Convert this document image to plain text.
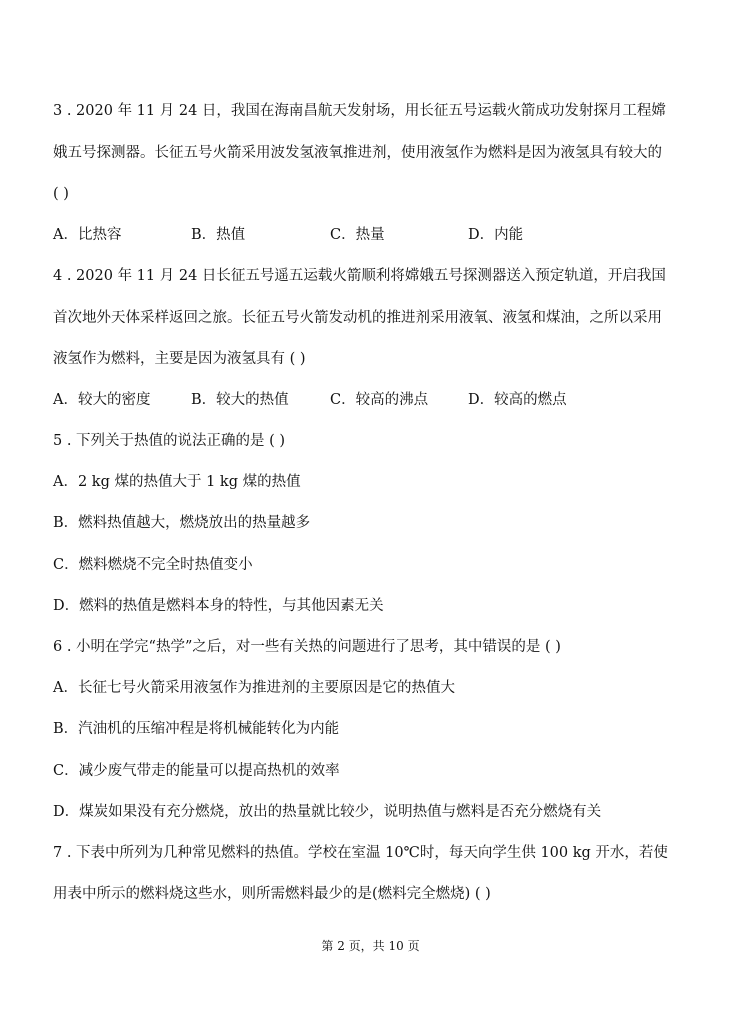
3 . 2020 年 11 月 24 日，我国在海南昌航天发射场，用长征五号运载火箭成功发射探月工程嫦
娥五号探测器。长征五号火箭采用波发氢液氧推进剂，使用液氢作为燃料是因为液氢具有较大的
( )
A．比热容	B．热值	C．热量	D．内能
4 . 2020 年 11 月 24 日长征五号遥五运载火箭顺利将嫦娥五号探测器送入预定轨道，开启我国
首次地外天体采样返回之旅。长征五号火箭发动机的推进剂采用液氧、液氢和煤油，之所以采用
液氢作为燃料，主要是因为液氢具有 ( )
A．较大的密度	B．较大的热值	C．较高的沸点	D．较高的燃点
5 . 下列关于热值的说法正确的是 ( )
A．2 kg 煤的热值大于 1 kg 煤的热值
B．燃料热值越大，燃烧放出的热量越多
C．燃料燃烧不完全时热值变小
D．燃料的热值是燃料本身的特性，与其他因素无关
6 . 小明在学完“热学”之后，对一些有关热的问题进行了思考，其中错误的是 ( )
A．长征七号火箭采用液氢作为推进剂的主要原因是它的热值大
B．汽油机的压缩冲程是将机械能转化为内能
C．减少废气带走的能量可以提高热机的效率
D．煤炭如果没有充分燃烧，放出的热量就比较少，说明热值与燃料是否充分燃烧有关
7 . 下表中所列为几种常见燃料的热值。学校在室温 10℃时，每天向学生供 100 kg 开水，若使
用表中所示的燃料烧这些水，则所需燃料最少的是(燃料完全燃烧) ( )
第 2 页，共 10 页
